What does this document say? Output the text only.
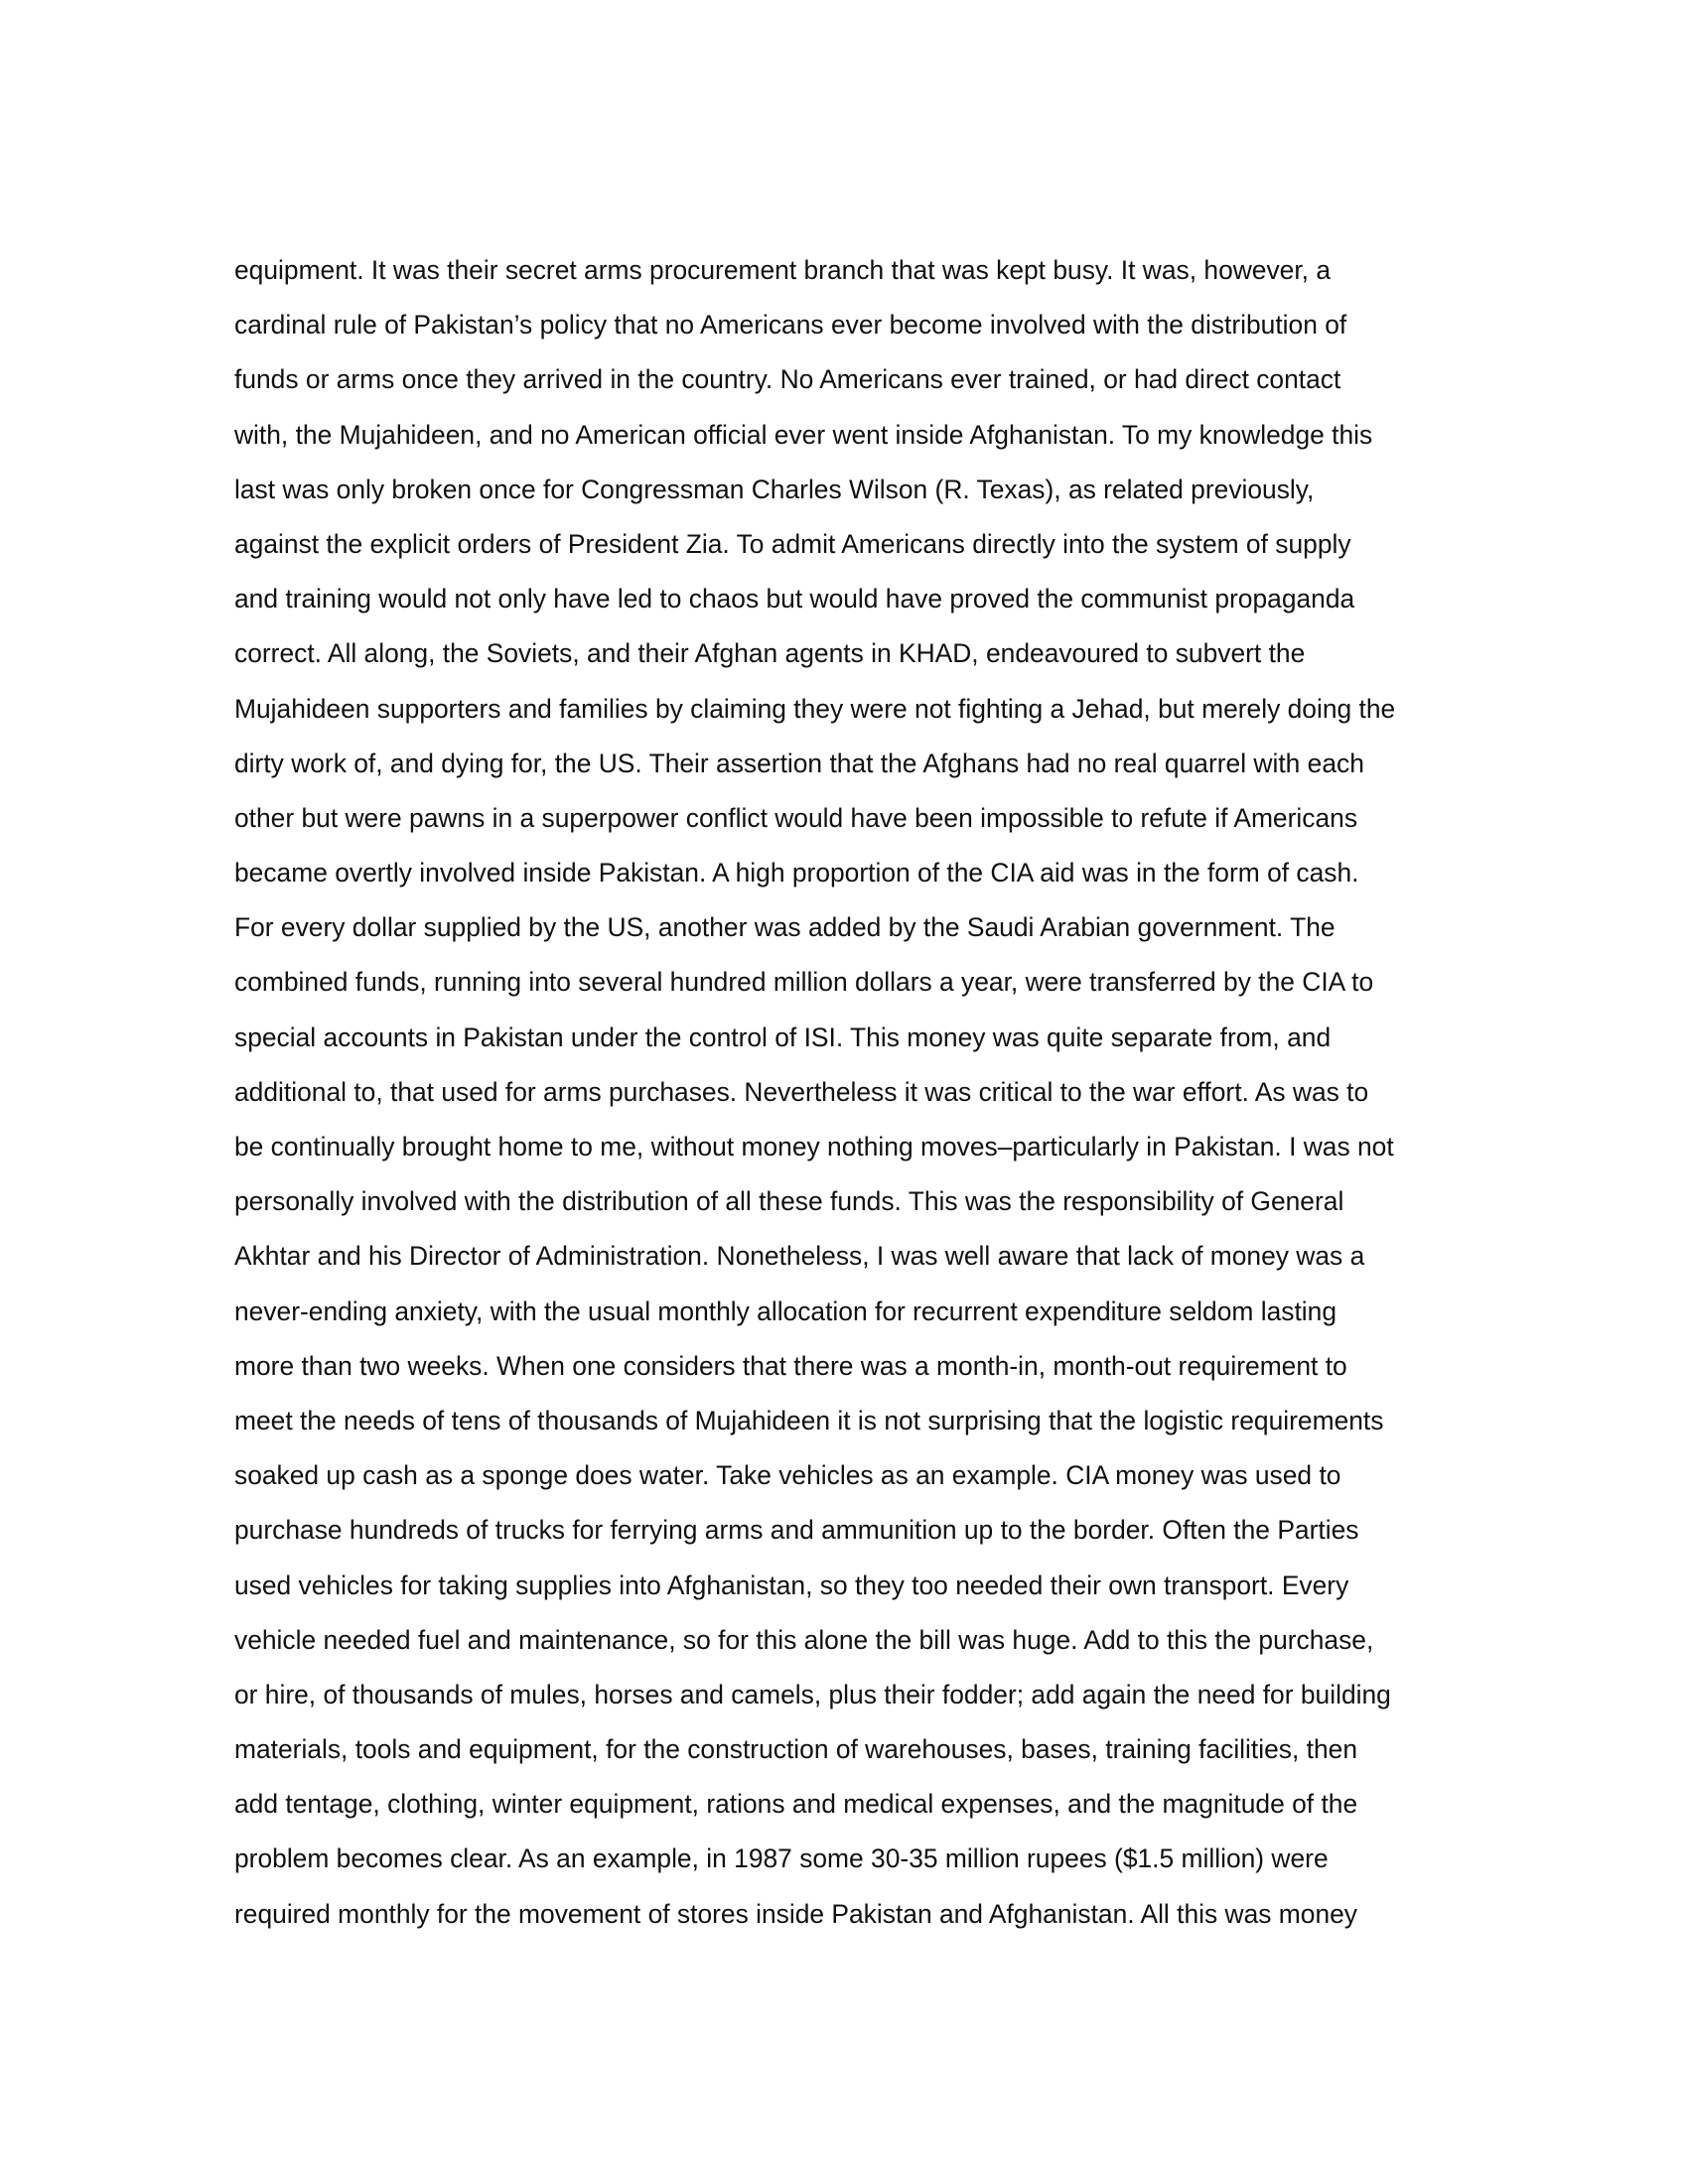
equipment. It was their secret arms procurement branch that was kept busy. It was, however, a
cardinal rule of Pakistan’s policy that no Americans ever become involved with the distribution of
funds or arms once they arrived in the country. No Americans ever trained, or had direct contact
with, the Mujahideen, and no American official ever went inside Afghanistan. To my knowledge this
last was only broken once for Congressman Charles Wilson (R. Texas), as related previously,
against the explicit orders of President Zia. To admit Americans directly into the system of supply
and training would not only have led to chaos but would have proved the communist propaganda
correct. All along, the Soviets, and their Afghan agents in KHAD, endeavoured to subvert the
Mujahideen supporters and families by claiming they were not fighting a Jehad, but merely doing the
dirty work of, and dying for, the US. Their assertion that the Afghans had no real quarrel with each
other but were pawns in a superpower conflict would have been impossible to refute if Americans
became overtly involved inside Pakistan. A high proportion of the CIA aid was in the form of cash.
For every dollar supplied by the US, another was added by the Saudi Arabian government. The
combined funds, running into several hundred million dollars a year, were transferred by the CIA to
special accounts in Pakistan under the control of ISI. This money was quite separate from, and
additional to, that used for arms purchases. Nevertheless it was critical to the war effort. As was to
be continually brought home to me, without money nothing moves–particularly in Pakistan. I was not
personally involved with the distribution of all these funds. This was the responsibility of General
Akhtar and his Director of Administration. Nonetheless, I was well aware that lack of money was a
never-ending anxiety, with the usual monthly allocation for recurrent expenditure seldom lasting
more than two weeks. When one considers that there was a month-in, month-out requirement to
meet the needs of tens of thousands of Mujahideen it is not surprising that the logistic requirements
soaked up cash as a sponge does water. Take vehicles as an example. CIA money was used to
purchase hundreds of trucks for ferrying arms and ammunition up to the border. Often the Parties
used vehicles for taking supplies into Afghanistan, so they too needed their own transport. Every
vehicle needed fuel and maintenance, so for this alone the bill was huge. Add to this the purchase,
or hire, of thousands of mules, horses and camels, plus their fodder; add again the need for building
materials, tools and equipment, for the construction of warehouses, bases, training facilities, then
add tentage, clothing, winter equipment, rations and medical expenses, and the magnitude of the
problem becomes clear. As an example, in 1987 some 30-35 million rupees ($1.5 million) were
required monthly for the movement of stores inside Pakistan and Afghanistan. All this was money
